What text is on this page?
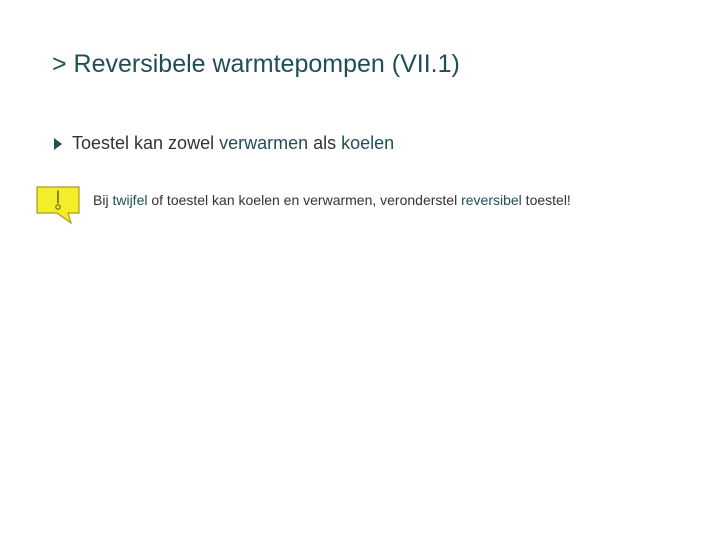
> Reversibele warmtepompen (VII.1)
Toestel kan zowel verwarmen als koelen
Bij twijfel of toestel kan koelen en verwarmen, veronderstel reversibel toestel!
